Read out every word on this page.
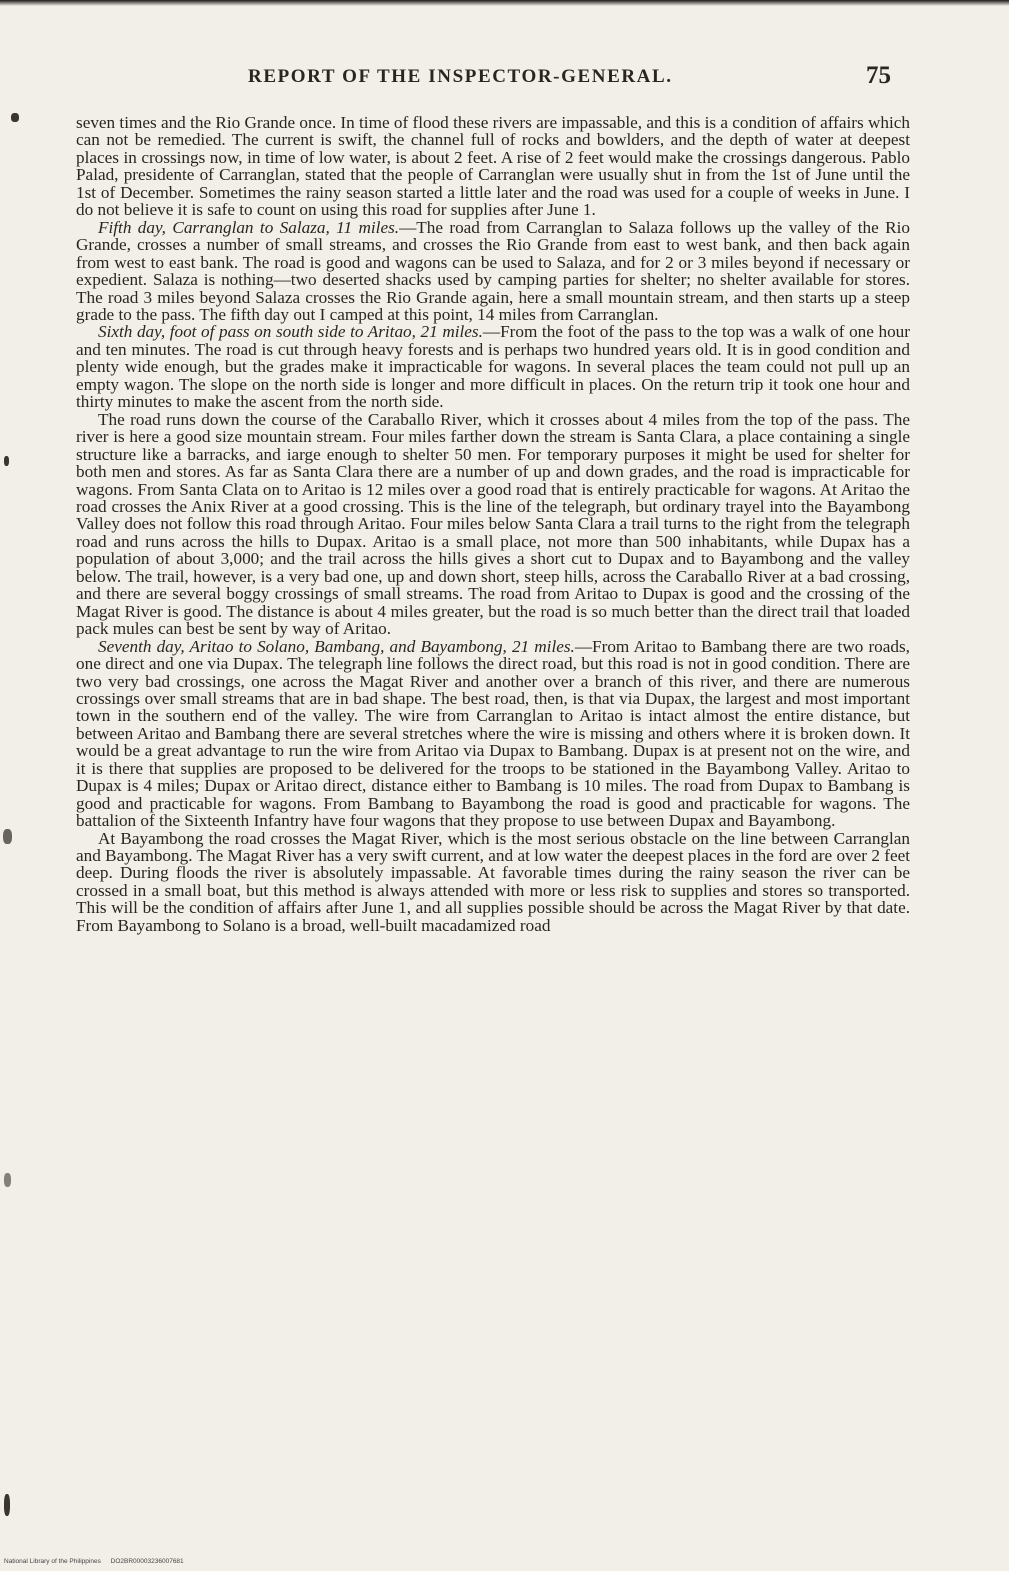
REPORT OF THE INSPECTOR-GENERAL.	75

seven times and the Rio Grande once. In time of flood these rivers are impassable, and this is a condition of affairs which can not be remedied. The current is swift, the channel full of rocks and bowlders, and the depth of water at deepest places in crossings now, in time of low water, is about 2 feet. A rise of 2 feet would make the crossings dangerous. Pablo Palad, presidente of Carranglan, stated that the people of Carranglan were usually shut in from the 1st of June until the 1st of December. Sometimes the rainy season started a little later and the road was used for a couple of weeks in June. I do not believe it is safe to count on using this road for supplies after June 1.

Fifth day, Carranglan to Salaza, 11 miles.—The road from Carranglan to Salaza follows up the valley of the Rio Grande, crosses a number of small streams, and crosses the Rio Grande from east to west bank, and then back again from west to east bank. The road is good and wagons can be used to Salaza, and for 2 or 3 miles beyond if necessary or expedient. Salaza is nothing—two deserted shacks used by camping parties for shelter; no shelter available for stores. The road 3 miles beyond Salaza crosses the Rio Grande again, here a small mountain stream, and then starts up a steep grade to the pass. The fifth day out I camped at this point, 14 miles from Carranglan.

Sixth day, foot of pass on south side to Aritao, 21 miles.—From the foot of the pass to the top was a walk of one hour and ten minutes. The road is cut through heavy forests and is perhaps two hundred years old. It is in good condition and plenty wide enough, but the grades make it impracticable for wagons. In several places the team could not pull up an empty wagon. The slope on the north side is longer and more difficult in places. On the return trip it took one hour and thirty minutes to make the ascent from the north side.

The road runs down the course of the Caraballo River, which it crosses about 4 miles from the top of the pass. The river is here a good size mountain stream. Four miles farther down the stream is Santa Clara, a place containing a single structure like a barracks, and iarge enough to shelter 50 men. For temporary purposes it might be used for shelter for both men and stores. As far as Santa Clara there are a number of up and down grades, and the road is impracticable for wagons. From Santa Clata on to Aritao is 12 miles over a good road that is entirely practicable for wagons. At Aritao the road crosses the Anix River at a good crossing. This is the line of the telegraph, but ordinary trayel into the Bayambong Valley does not follow this road through Aritao. Four miles below Santa Clara a trail turns to the right from the telegraph road and runs across the hills to Dupax. Aritao is a small place, not more than 500 inhabitants, while Dupax has a population of about 3,000; and the trail across the hills gives a short cut to Dupax and to Bayambong and the valley below. The trail, however, is a very bad one, up and down short, steep hills, across the Caraballo River at a bad crossing, and there are several boggy crossings of small streams. The road from Aritao to Dupax is good and the crossing of the Magat River is good. The distance is about 4 miles greater, but the road is so much better than the direct trail that loaded pack mules can best be sent by way of Aritao.

Seventh day, Aritao to Solano, Bambang, and Bayambong, 21 miles.—From Aritao to Bambang there are two roads, one direct and one via Dupax. The telegraph line follows the direct road, but this road is not in good condition. There are two very bad crossings, one across the Magat River and another over a branch of this river, and there are numerous crossings over small streams that are in bad shape. The best road, then, is that via Dupax, the largest and most important town in the southern end of the valley. The wire from Carranglan to Aritao is intact almost the entire distance, but between Aritao and Bambang there are several stretches where the wire is missing and others where it is broken down. It would be a great advantage to run the wire from Aritao via Dupax to Bambang. Dupax is at present not on the wire, and it is there that supplies are proposed to be delivered for the troops to be stationed in the Bayambong Valley. Aritao to Dupax is 4 miles; Dupax or Aritao direct, distance either to Bambang is 10 miles. The road from Dupax to Bambang is good and practicable for wagons. From Bambang to Bayambong the road is good and practicable for wagons. The battalion of the Sixteenth Infantry have four wagons that they propose to use between Dupax and Bayambong.

At Bayambong the road crosses the Magat River, which is the most serious obstacle on the line between Carranglan and Bayambong. The Magat River has a very swift current, and at low water the deepest places in the ford are over 2 feet deep. During floods the river is absolutely impassable. At favorable times during the rainy season the river can be crossed in a small boat, but this method is always attended with more or less risk to supplies and stores so transported. This will be the condition of affairs after June 1, and all supplies possible should be across the Magat River by that date. From Bayambong to Solano is a broad, well-built macadamized road

National Library of the Philippines DO2BR00003236007681
